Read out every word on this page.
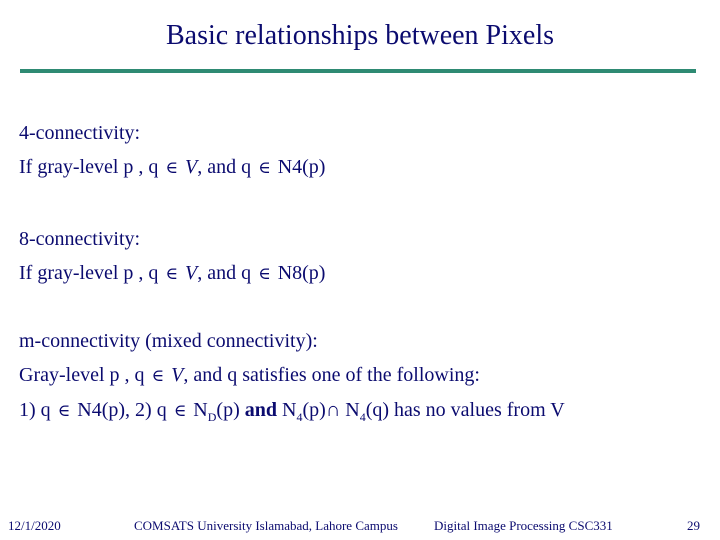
Basic relationships between Pixels
4-connectivity:
If gray-level p , q ∈ V, and q ∈ N4(p)
8-connectivity:
If gray-level p , q ∈ V, and q ∈ N8(p)
m-connectivity (mixed connectivity):
Gray-level p , q ∈ V, and q satisfies one of the following:
1) q ∈ N4(p), 2) q ∈ $N_D(p)$ and $N_4(p)\cap$ $N_4(q)$ has no values from V
12/1/2020	COMSATS University Islamabad, Lahore Campus	Digital Image Processing CSC331	29
